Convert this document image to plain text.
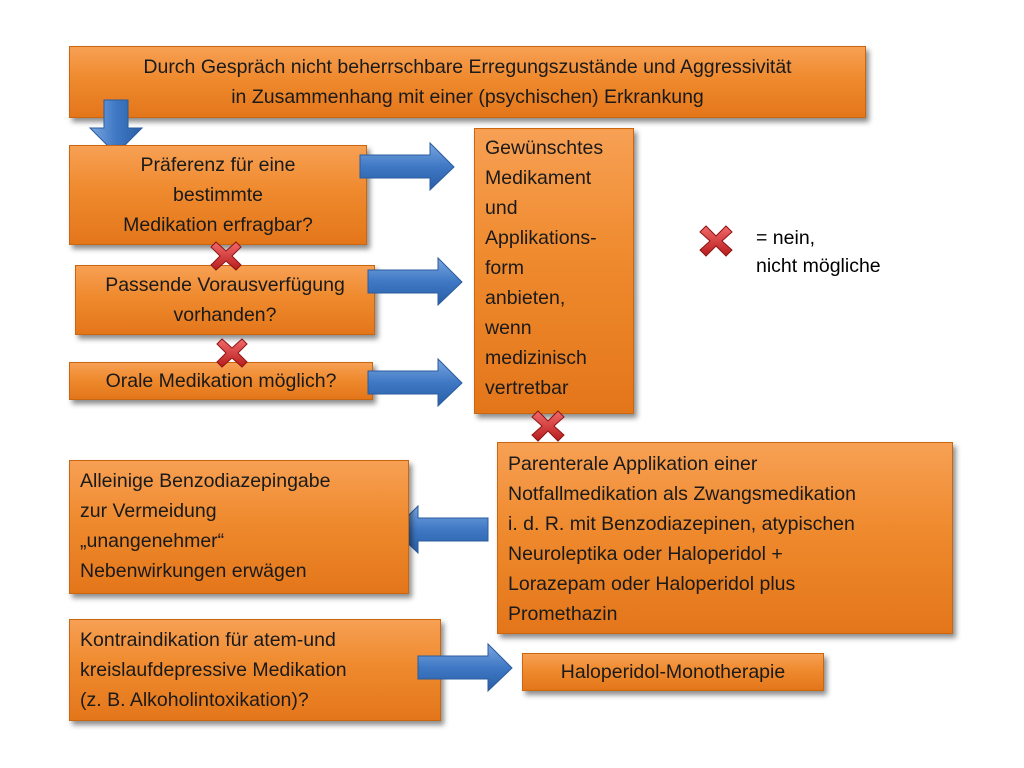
Durch Gespräch nicht beherrschbare Erregungszustände und Aggressivität
in Zusammenhang mit einer (psychischen) Erkrankung
Präferenz für eine
bestimmte
Medikation erfragbar?
Passende Vorausverfügung
vorhanden?
Orale Medikation möglich?
Gewünschtes
Medikament
und
Applikations-
form
anbieten,
wenn
medizinisch
vertretbar
= nein,
nicht mögliche
Parenterale Applikation einer
Notfallmedikation als Zwangsmedikation
i. d. R. mit Benzodiazepinen, atypischen
Neuroleptika oder Haloperidol +
Lorazepam oder Haloperidol plus
Promethazin
Alleinige Benzodiazepingabe
zur Vermeidung
„unangenehmer“
Nebenwirkungen erwägen
Kontraindikation für atem-und
kreislaufdepressive Medikation
(z. B. Alkoholintoxikation)?
Haloperidol-Monotherapie
